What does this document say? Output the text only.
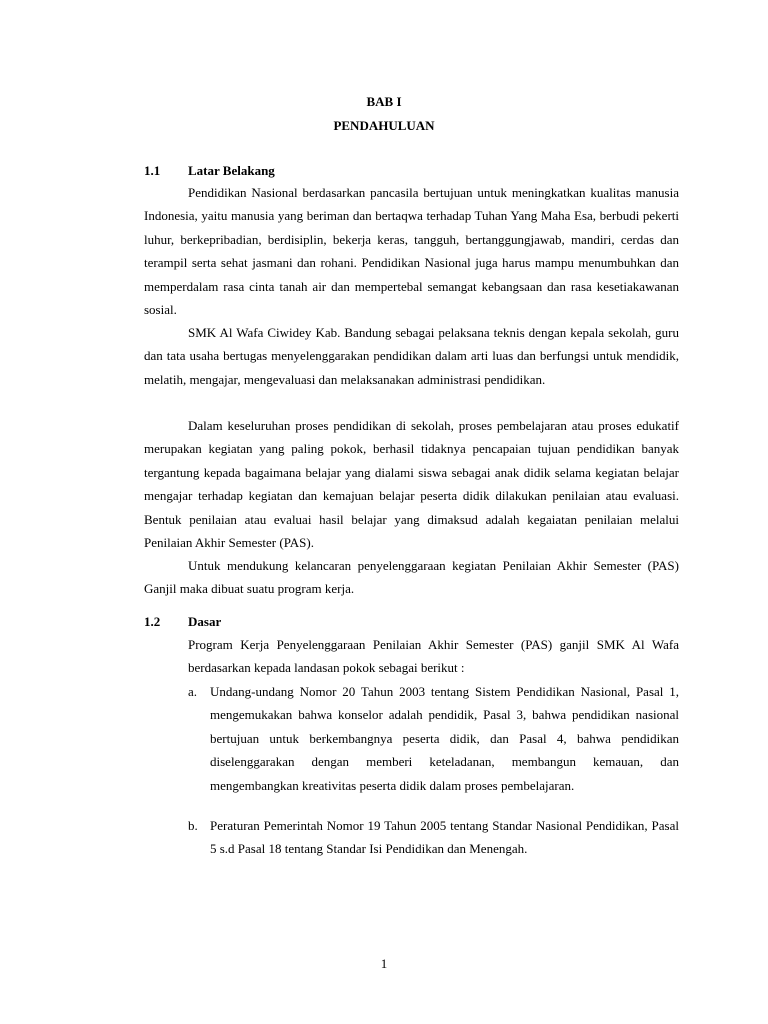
BAB I
PENDAHULUAN
1.1 Latar Belakang

Pendidikan Nasional berdasarkan pancasila bertujuan untuk meningkatkan kualitas manusia Indonesia, yaitu manusia yang beriman dan bertaqwa terhadap Tuhan Yang Maha Esa, berbudi pekerti luhur, berkepribadian, berdisiplin, bekerja keras, tangguh, bertanggungjawab, mandiri, cerdas dan terampil serta sehat jasmani dan rohani. Pendidikan Nasional juga harus mampu menumbuhkan dan memperdalam rasa cinta tanah air dan mempertebal semangat kebangsaan dan rasa kesetiakawanan sosial.

SMK Al Wafa Ciwidey Kab. Bandung sebagai pelaksana teknis dengan kepala sekolah, guru dan tata usaha bertugas menyelenggarakan pendidikan dalam arti luas dan berfungsi untuk mendidik, melatih, mengajar, mengevaluasi dan melaksanakan administrasi pendidikan.

Dalam keseluruhan proses pendidikan di sekolah, proses pembelajaran atau proses edukatif merupakan kegiatan yang paling pokok, berhasil tidaknya pencapaian tujuan pendidikan banyak tergantung kepada bagaimana belajar yang dialami siswa sebagai anak didik selama kegiatan belajar mengajar terhadap kegiatan dan kemajuan belajar peserta didik dilakukan penilaian atau evaluasi. Bentuk penilaian atau evaluai hasil belajar yang dimaksud adalah kegaiatan penilaian melalui Penilaian Akhir Semester (PAS).

Untuk mendukung kelancaran penyelenggaraan kegiatan Penilaian Akhir Semester (PAS) Ganjil maka dibuat suatu program kerja.

1.2 Dasar

Program Kerja Penyelenggaraan Penilaian Akhir Semester (PAS) ganjil SMK Al Wafa berdasarkan kepada landasan pokok sebagai berikut :

a. Undang-undang Nomor 20 Tahun 2003 tentang Sistem Pendidikan Nasional, Pasal 1, mengemukakan bahwa konselor adalah pendidik, Pasal 3, bahwa pendidikan nasional bertujuan untuk berkembangnya peserta didik, dan Pasal 4, bahwa pendidikan diselenggarakan dengan memberi keteladanan, membangun kemauan, dan mengembangkan kreativitas peserta didik dalam proses pembelajaran.
b. Peraturan Pemerintah Nomor 19 Tahun 2005 tentang Standar Nasional Pendidikan, Pasal 5 s.d Pasal 18 tentang Standar Isi Pendidikan dan Menengah.
1
